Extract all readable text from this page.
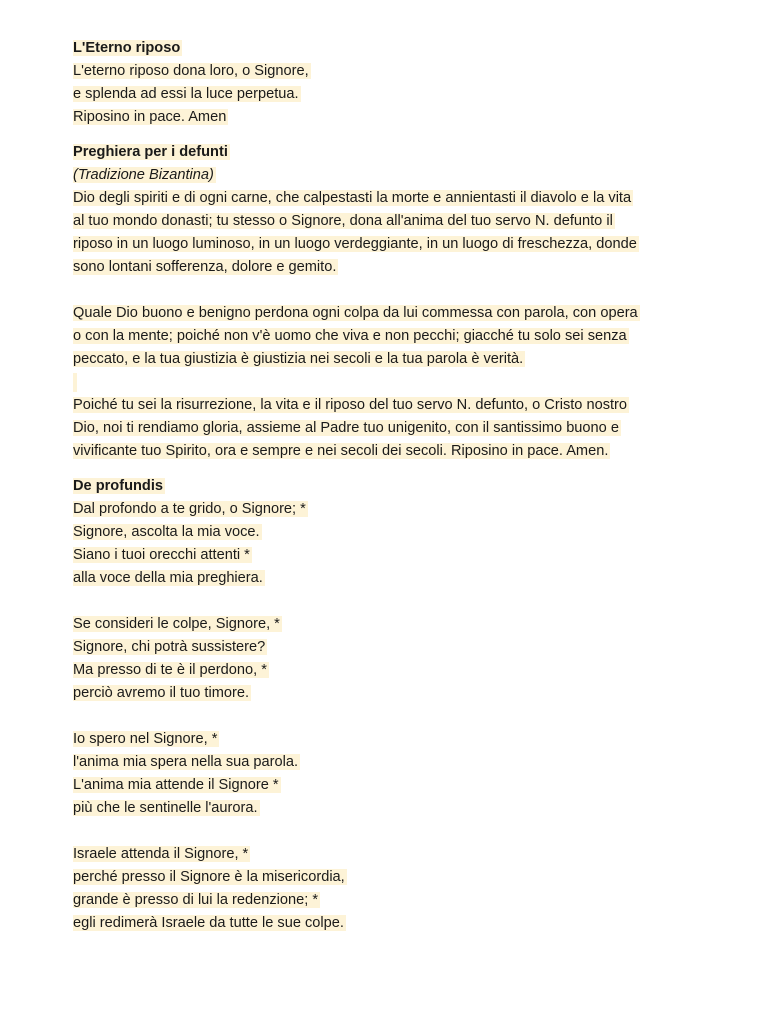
L'Eterno riposo
L'eterno riposo dona loro, o Signore,
e splenda ad essi la luce perpetua.
Riposino in pace. Amen
Preghiera per i defunti
(Tradizione Bizantina)
Dio degli spiriti e di ogni carne, che calpestasti la morte e annientasti il diavolo e la vita
al tuo mondo donasti; tu stesso o Signore, dona all'anima del tuo servo N. defunto il
riposo in un luogo luminoso, in un luogo verdeggiante, in un luogo di freschezza, donde
sono lontani sofferenza, dolore e gemito.
Quale Dio buono e benigno perdona ogni colpa da lui commessa con parola, con opera
o con la mente; poiché non v'è uomo che viva e non pecchi; giacché tu solo sei senza
peccato, e la tua giustizia è giustizia nei secoli e la tua parola è verità.
Poiché tu sei la risurrezione, la vita e il riposo del tuo servo N. defunto, o Cristo nostro
Dio, noi ti rendiamo gloria, assieme al Padre tuo unigenito, con il santissimo buono e
vivificante tuo Spirito, ora e sempre e nei secoli dei secoli. Riposino in pace. Amen.
De profundis
Dal profondo a te grido, o Signore; *
Signore, ascolta la mia voce.
Siano i tuoi orecchi attenti *
alla voce della mia preghiera.
Se consideri le colpe, Signore, *
Signore, chi potrà sussistere?
Ma presso di te è il perdono, *
perciò avremo il tuo timore.
Io spero nel Signore, *
l'anima mia spera nella sua parola.
L'anima mia attende il Signore *
più che le sentinelle l'aurora.
Israele attenda il Signore, *
perché presso il Signore è la misericordia,
grande è presso di lui la redenzione; *
egli redimerà Israele da tutte le sue colpe.
